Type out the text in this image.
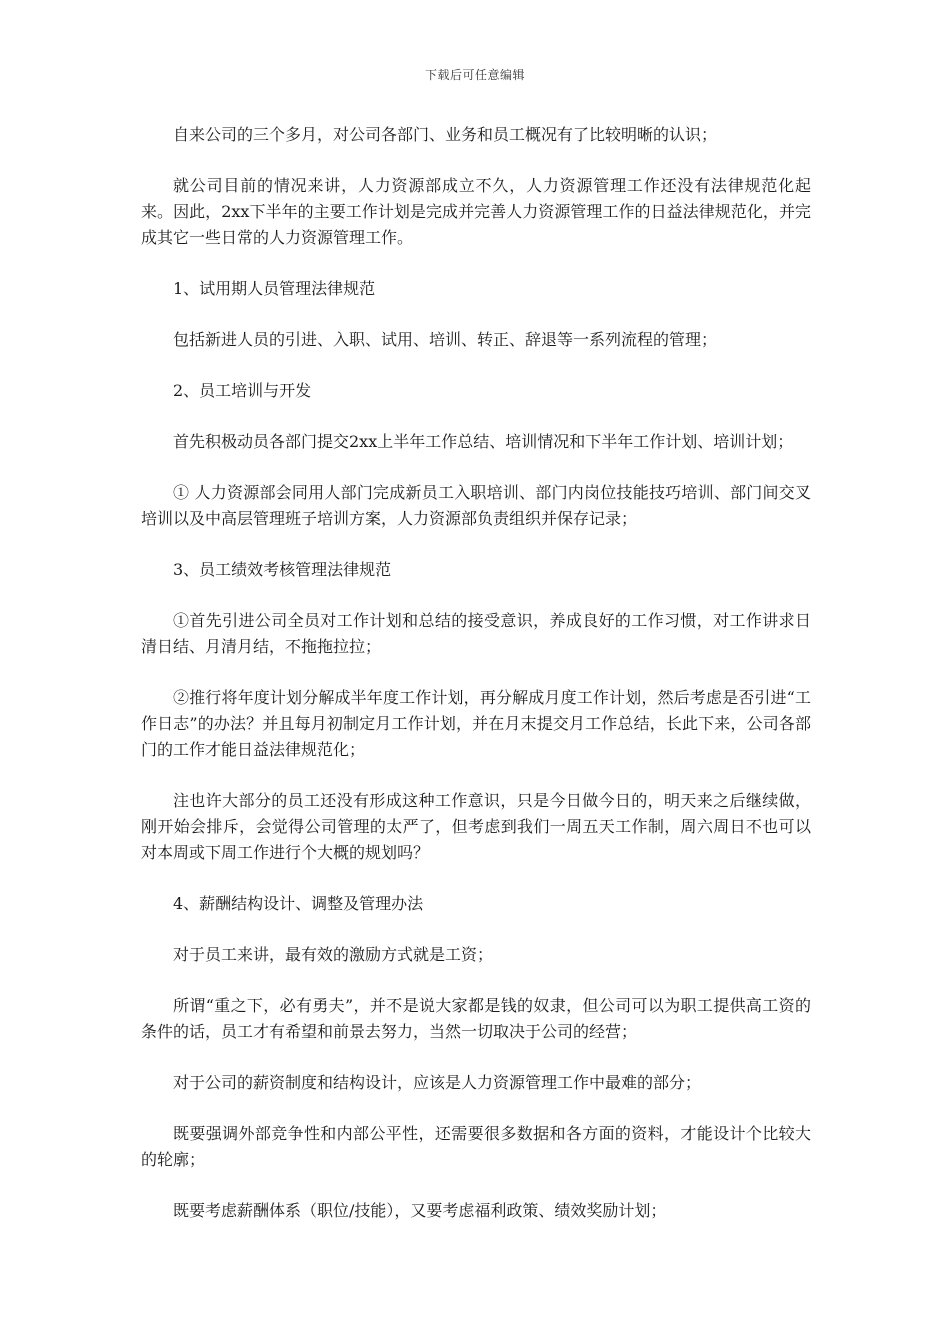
下载后可任意编辑

自来公司的三个多月，对公司各部门、业务和员工概况有了比较明晰的认识；

就公司目前的情况来讲，人力资源部成立不久，人力资源管理工作还没有法律规范化起来。因此，2xx下半年的主要工作计划是完成并完善人力资源管理工作的日益法律规范化，并完成其它一些日常的人力资源管理工作。

1、试用期人员管理法律规范

包括新进人员的引进、入职、试用、培训、转正、辞退等一系列流程的管理；

2、员工培训与开发

首先积极动员各部门提交2xx上半年工作总结、培训情况和下半年工作计划、培训计划；

① 人力资源部会同用人部门完成新员工入职培训、部门内岗位技能技巧培训、部门间交叉培训以及中高层管理班子培训方案，人力资源部负责组织并保存记录；

3、员工绩效考核管理法律规范

①首先引进公司全员对工作计划和总结的接受意识，养成良好的工作习惯，对工作讲求日清日结、月清月结，不拖拖拉拉；

②推行将年度计划分解成半年度工作计划，再分解成月度工作计划，然后考虑是否引进“工作日志”的办法？并且每月初制定月工作计划，并在月末提交月工作总结，长此下来，公司各部门的工作才能日益法律规范化；

注也许大部分的员工还没有形成这种工作意识，只是今日做今日的，明天来之后继续做，刚开始会排斥，会觉得公司管理的太严了，但考虑到我们一周五天工作制，周六周日不也可以对本周或下周工作进行个大概的规划吗？

4、薪酬结构设计、调整及管理办法

对于员工来讲，最有效的激励方式就是工资；

所谓“重之下，必有勇夫”，并不是说大家都是钱的奴隶，但公司可以为职工提供高工资的条件的话，员工才有希望和前景去努力，当然一切取决于公司的经营；

对于公司的薪资制度和结构设计，应该是人力资源管理工作中最难的部分；

既要强调外部竞争性和内部公平性，还需要很多数据和各方面的资料，才能设计个比较大的轮廓；

既要考虑薪酬体系（职位/技能），又要考虑福利政策、绩效奖励计划；
